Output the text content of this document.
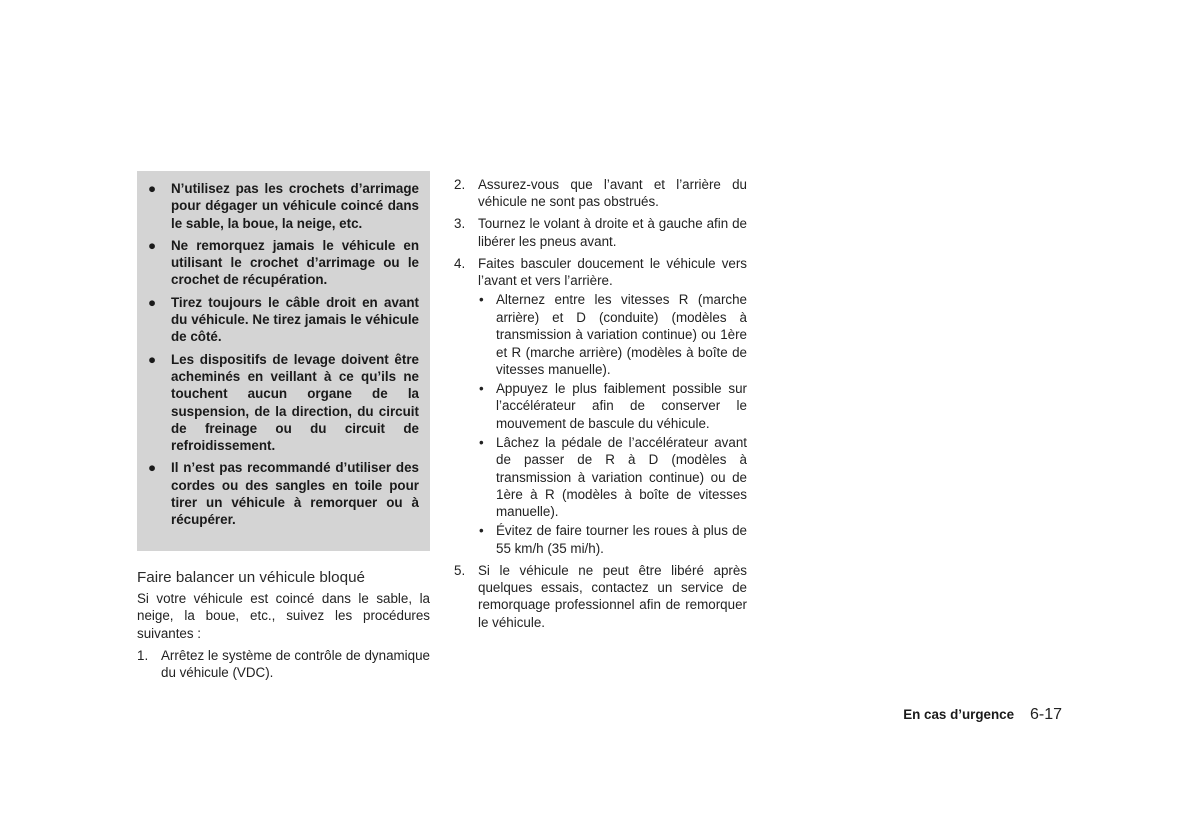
● N’utilisez pas les crochets d’arrimage pour dégager un véhicule coincé dans le sable, la boue, la neige, etc.
● Ne remorquez jamais le véhicule en utilisant le crochet d’arrimage ou le crochet de récupération.
● Tirez toujours le câble droit en avant du véhicule. Ne tirez jamais le véhicule de côté.
● Les dispositifs de levage doivent être acheminés en veillant à ce qu’ils ne touchent aucun organe de la suspension, de la direction, du circuit de freinage ou du circuit de refroidissement.
● Il n’est pas recommandé d’utiliser des cordes ou des sangles en toile pour tirer un véhicule à remorquer ou à récupérer.
Faire balancer un véhicule bloqué

Si votre véhicule est coincé dans le sable, la neige, la boue, etc., suivez les procédures suivantes :

1. Arrêtez le système de contrôle de dynamique du véhicule (VDC).
2. Assurez-vous que l’avant et l’arrière du véhicule ne sont pas obstrués.
3. Tournez le volant à droite et à gauche afin de libérer les pneus avant.
4. Faites basculer doucement le véhicule vers l’avant et vers l’arrière.
• Alternez entre les vitesses R (marche arrière) et D (conduite) (modèles à transmission à variation continue) ou 1ère et R (marche arrière) (modèles à boîte de vitesses manuelle).
• Appuyez le plus faiblement possible sur l’accélérateur afin de conserver le mouvement de bascule du véhicule.
• Lâchez la pédale de l’accélérateur avant de passer de R à D (modèles à transmission à variation continue) ou de 1ère à R (modèles à boîte de vitesses manuelle).
• Évitez de faire tourner les roues à plus de 55 km/h (35 mi/h).
5. Si le véhicule ne peut être libéré après quelques essais, contactez un service de remorquage professionnel afin de remorquer le véhicule.
En cas d’urgence 6-17
